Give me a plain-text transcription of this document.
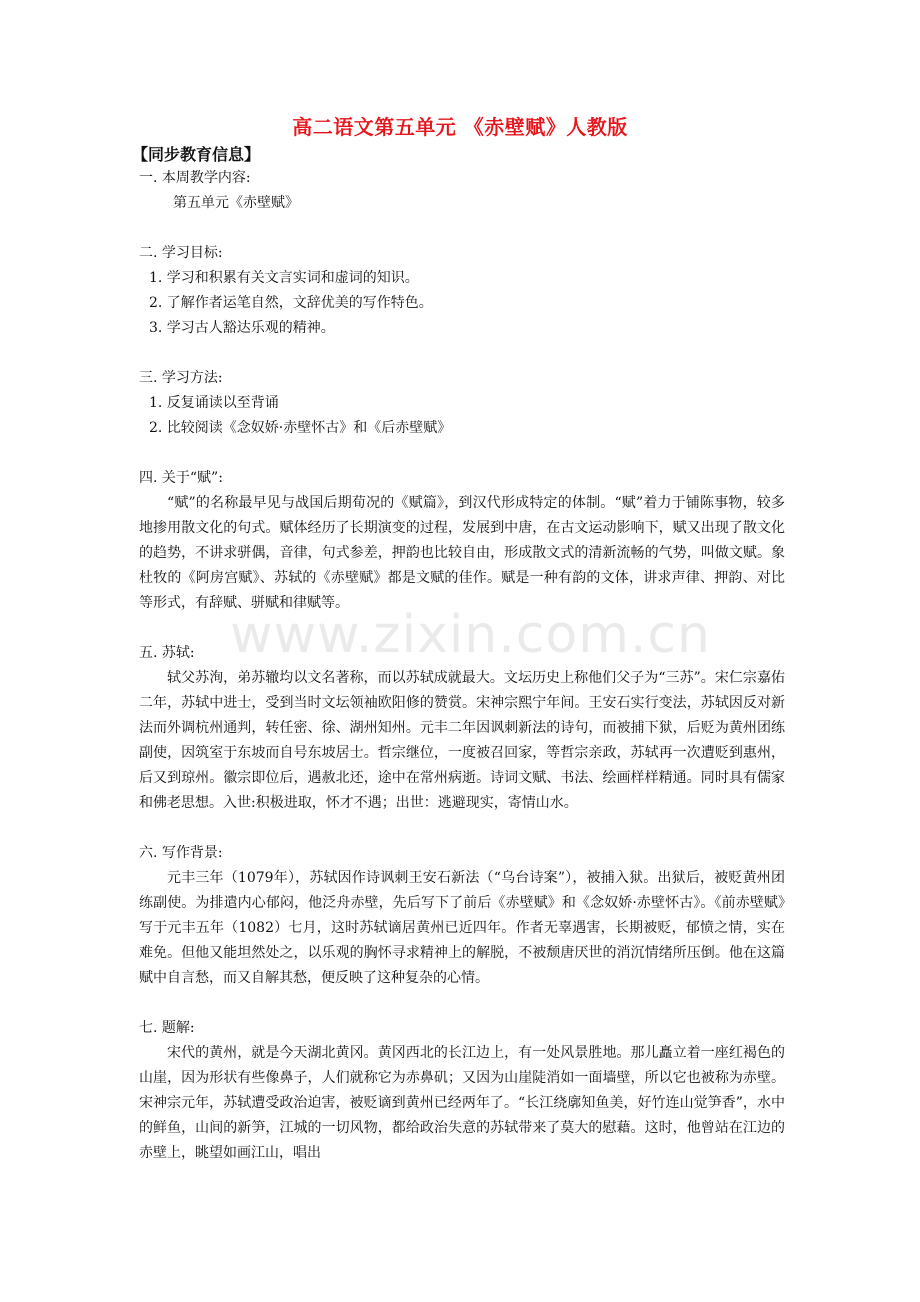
高二语文第五单元 《赤壁赋》人教版
【同步教育信息】

一. 本周教学内容:

第五单元《赤壁赋》

二. 学习目标:

1. 学习和积累有关文言实词和虚词的知识。

2. 了解作者运笔自然，文辞优美的写作特色。

3. 学习古人豁达乐观的精神。

三. 学习方法:

1. 反复诵读以至背诵

2. 比较阅读《念奴娇·赤壁怀古》和《后赤壁赋》

四. 关于“赋”:

“赋”的名称最早见与战国后期荀况的《赋篇》，到汉代形成特定的体制。“赋”着力于铺陈事物，较多地掺用散文化的句式。赋体经历了长期演变的过程，发展到中唐，在古文运动影响下，赋又出现了散文化的趋势，不讲求骈偶，音律，句式参差，押韵也比较自由，形成散文式的清新流畅的气势，叫做文赋。象杜牧的《阿房宫赋》、苏轼的《赤壁赋》都是文赋的佳作。赋是一种有韵的文体，讲求声律、押韵、对比等形式，有辞赋、骈赋和律赋等。

五. 苏轼:

轼父苏洵，弟苏辙均以文名著称，而以苏轼成就最大。文坛历史上称他们父子为“三苏”。宋仁宗嘉佑二年，苏轼中进士，受到当时文坛领袖欧阳修的赞赏。宋神宗熙宁年间。王安石实行变法，苏轼因反对新法而外调杭州通判，转任密、徐、湖州知州。元丰二年因讽刺新法的诗句，而被捕下狱，后贬为黄州团练副使，因筑室于东坡而自号东坡居士。哲宗继位，一度被召回家，等哲宗亲政，苏轼再一次遭贬到惠州，后又到琼州。徽宗即位后，遇赦北还，途中在常州病逝。诗词文赋、书法、绘画样样精通。同时具有儒家和佛老思想。入世:积极进取，怀才不遇；出世：逃避现实，寄情山水。

六. 写作背景:

元丰三年（1079年），苏轼因作诗讽刺王安石新法（“乌台诗案”），被捕入狱。出狱后，被贬黄州团练副使。为排遣内心郁闷，他泛舟赤壁，先后写下了前后《赤壁赋》和《念奴娇·赤壁怀古》。《前赤壁赋》写于元丰五年（1082）七月，这时苏轼谪居黄州已近四年。作者无辜遇害，长期被贬，郁愤之情，实在难免。但他又能坦然处之，以乐观的胸怀寻求精神上的解脱，不被颓唐厌世的消沉情绪所压倒。他在这篇赋中自言愁，而又自解其愁，便反映了这种复杂的心情。

七. 题解:

宋代的黄州，就是今天湖北黄冈。黄冈西北的长江边上，有一处风景胜地。那儿矗立着一座红褐色的山崖，因为形状有些像鼻子，人们就称它为赤鼻矶；又因为山崖陡消如一面墙壁，所以它也被称为赤壁。宋神宗元年，苏轼遭受政治迫害，被贬谪到黄州已经两年了。“长江绕廓知鱼美，好竹连山觉笋香”，水中的鲜鱼，山间的新笋，江城的一切风物，都给政治失意的苏轼带来了莫大的慰藉。这时，他曾站在江边的赤壁上，眺望如画江山，唱出

www.zixin.com.cn
